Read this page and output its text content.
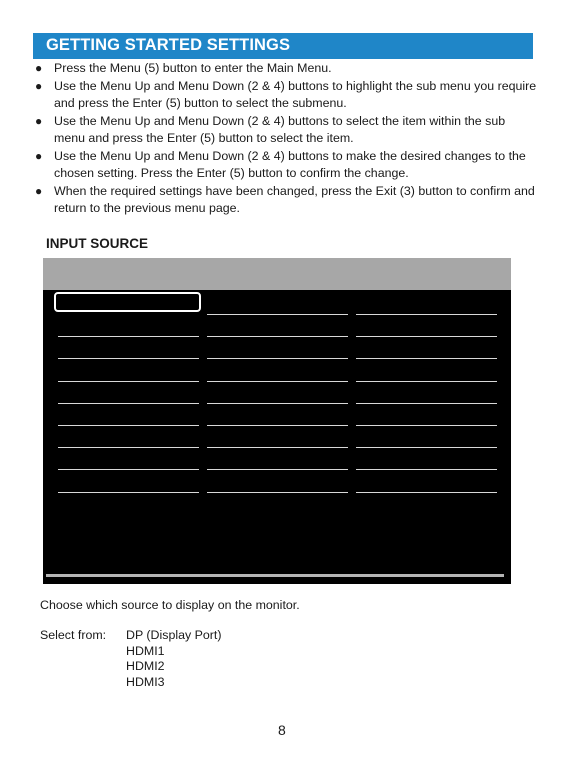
GETTING STARTED SETTINGS
● Press the Menu (5) button to enter the Main Menu.
● Use the Menu Up and Menu Down (2 & 4) buttons to highlight the sub menu you require and press the Enter (5) button to select the submenu.
● Use the Menu Up and Menu Down (2 & 4) buttons to select the item within the sub menu and press the Enter (5) button to select the item.
● Use the Menu Up and Menu Down (2 & 4) buttons to make the desired changes to the chosen setting. Press the Enter (5) button to confirm the change.
● When the required settings have been changed, press the Exit (3) button to confirm and return to the previous menu page.
INPUT SOURCE
Choose which source to display on the monitor.
Select from: DP (Display Port)
HDMI1
HDMI2
HDMI3
8
